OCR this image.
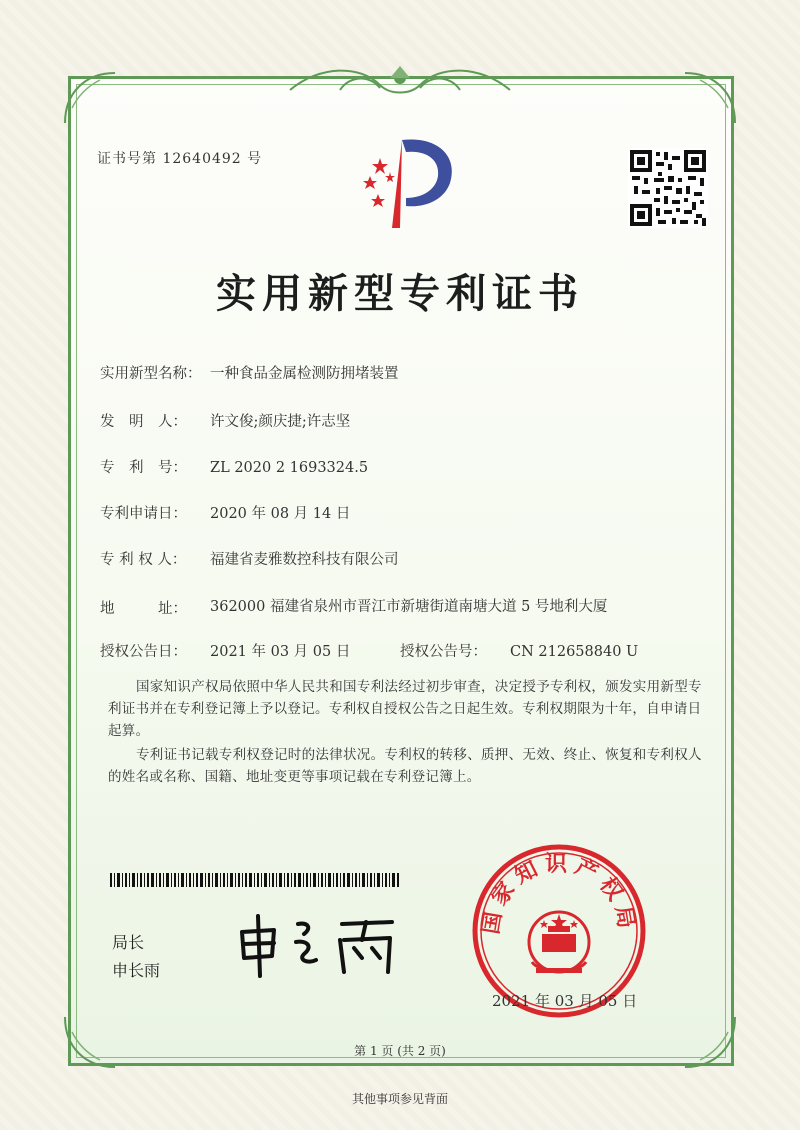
证书号第 12640492 号
实用新型专利证书
实用新型名称： 一种食品金属检测防拥堵装置
发　明　人： 许文俊;颜庆捷;许志坚
专　利　号： ZL 2020 2 1693324.5
专利申请日： 2020 年 08 月 14 日
专 利 权 人： 福建省麦雅数控科技有限公司
地　　　址：	362000 福建省泉州市晋江市新塘街道南塘大道 5 号地利大厦
授权公告日： 2021 年 03 月 05 日	授权公告号： CN 212658840 U
国家知识产权局依照中华人民共和国专利法经过初步审查，决定授予专利权，颁发实用新型专利证书并在专利登记簿上予以登记。专利权自授权公告之日起生效。专利权期限为十年，自申请日起算。
专利证书记载专利权登记时的法律状况。专利权的转移、质押、无效、终止、恢复和专利权人的姓名或名称、国籍、地址变更等事项记载在专利登记簿上。
局长
申长雨
国家知识产权局
2021 年 03 月 05 日
第 1 页 (共 2 页)
其他事项参见背面
